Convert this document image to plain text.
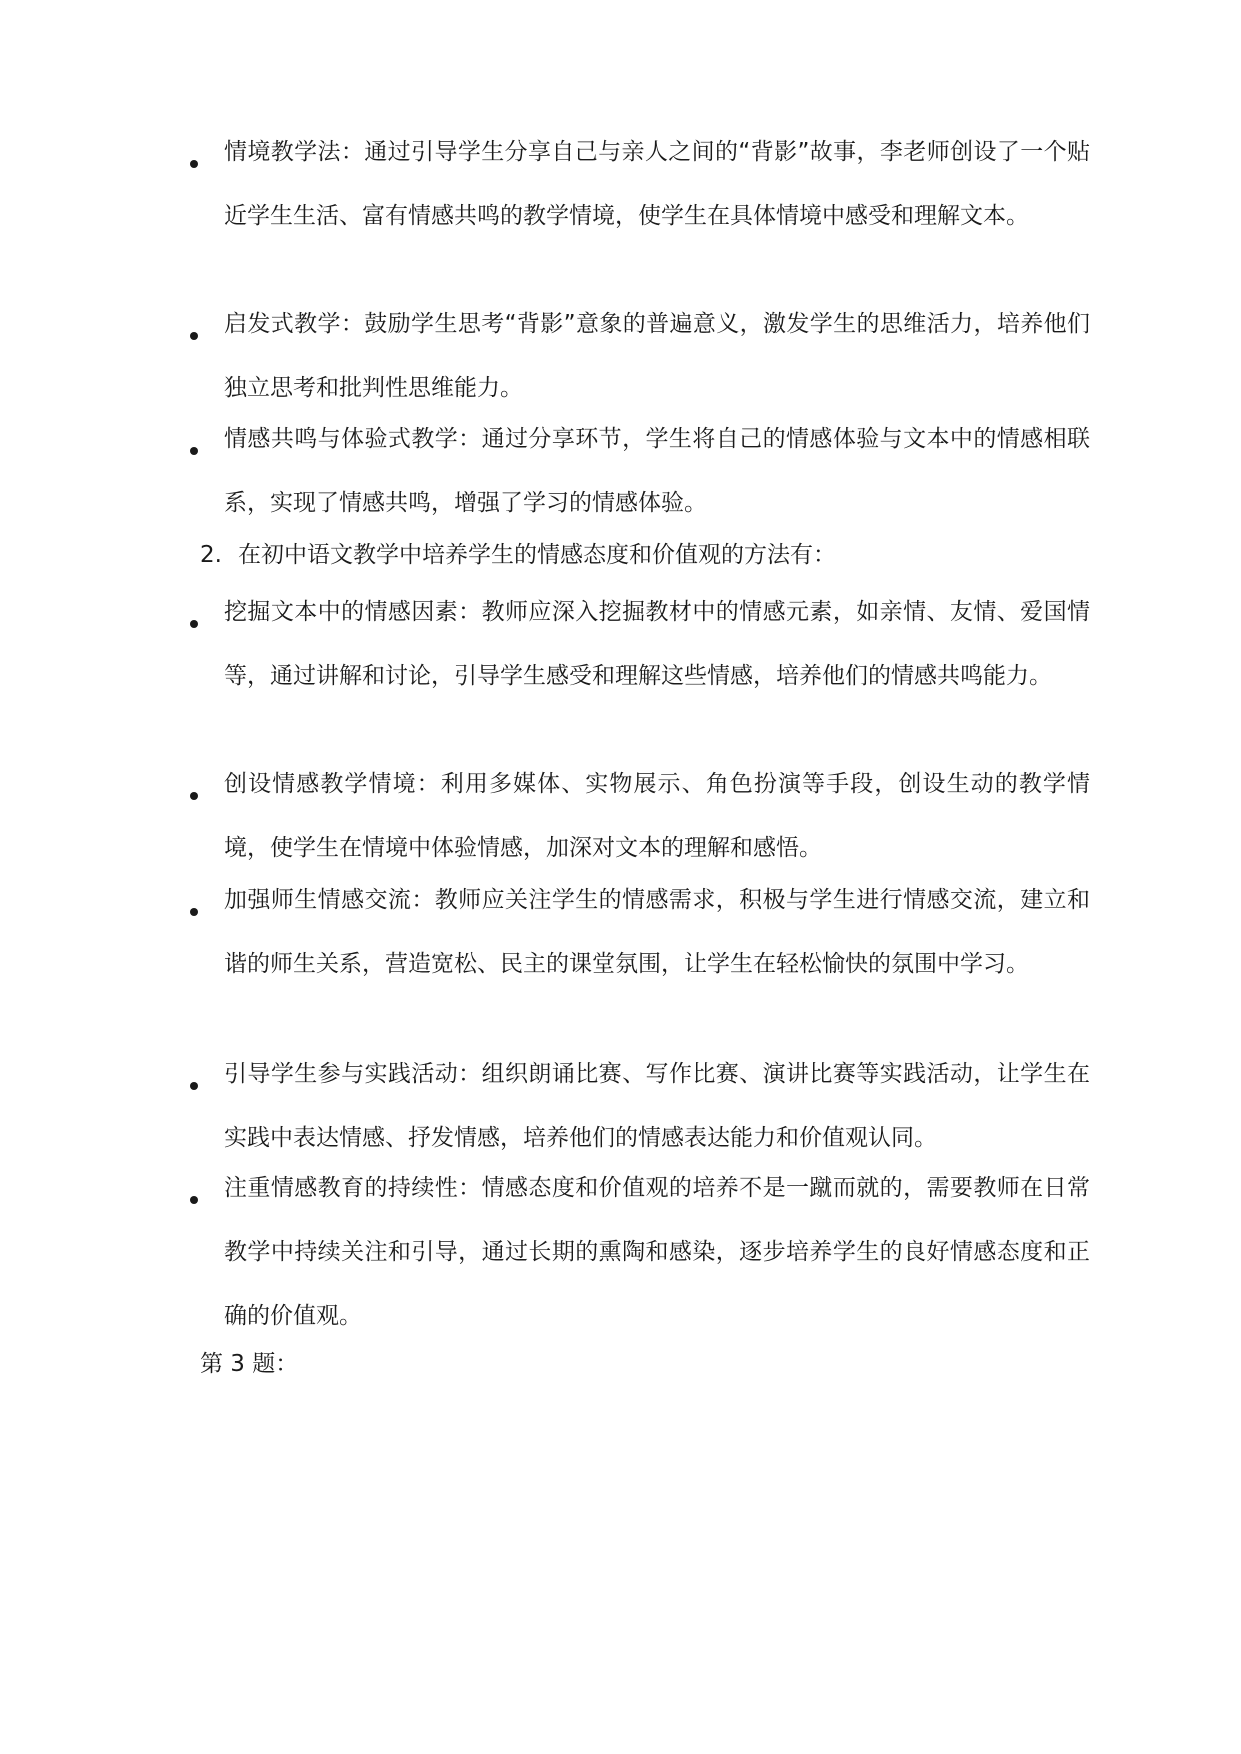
情境教学法：通过引导学生分享自己与亲人之间的“背影”故事，李老师创设了一个贴近学生生活、富有情感共鸣的教学情境，使学生在具体情境中感受和理解文本。
启发式教学：鼓励学生思考“背影”意象的普遍意义，激发学生的思维活力，培养他们独立思考和批判性思维能力。
情感共鸣与体验式教学：通过分享环节，学生将自己的情感体验与文本中的情感相联系，实现了情感共鸣，增强了学习的情感体验。
2. 在初中语文教学中培养学生的情感态度和价值观的方法有：
挖掘文本中的情感因素：教师应深入挖掘教材中的情感元素，如亲情、友情、爱国情等，通过讲解和讨论，引导学生感受和理解这些情感，培养他们的情感共鸣能力。
创设情感教学情境：利用多媒体、实物展示、角色扮演等手段，创设生动的教学情境，使学生在情境中体验情感，加深对文本的理解和感悟。
加强师生情感交流：教师应关注学生的情感需求，积极与学生进行情感交流，建立和谐的师生关系，营造宽松、民主的课堂氛围，让学生在轻松愉快的氛围中学习。
引导学生参与实践活动：组织朗诵比赛、写作比赛、演讲比赛等实践活动，让学生在实践中表达情感、抒发情感，培养他们的情感表达能力和价值观认同。
注重情感教育的持续性：情感态度和价值观的培养不是一蹴而就的，需要教师在日常教学中持续关注和引导，通过长期的熏陶和感染，逐步培养学生的良好情感态度和正确的价值观。
第 3 题：
